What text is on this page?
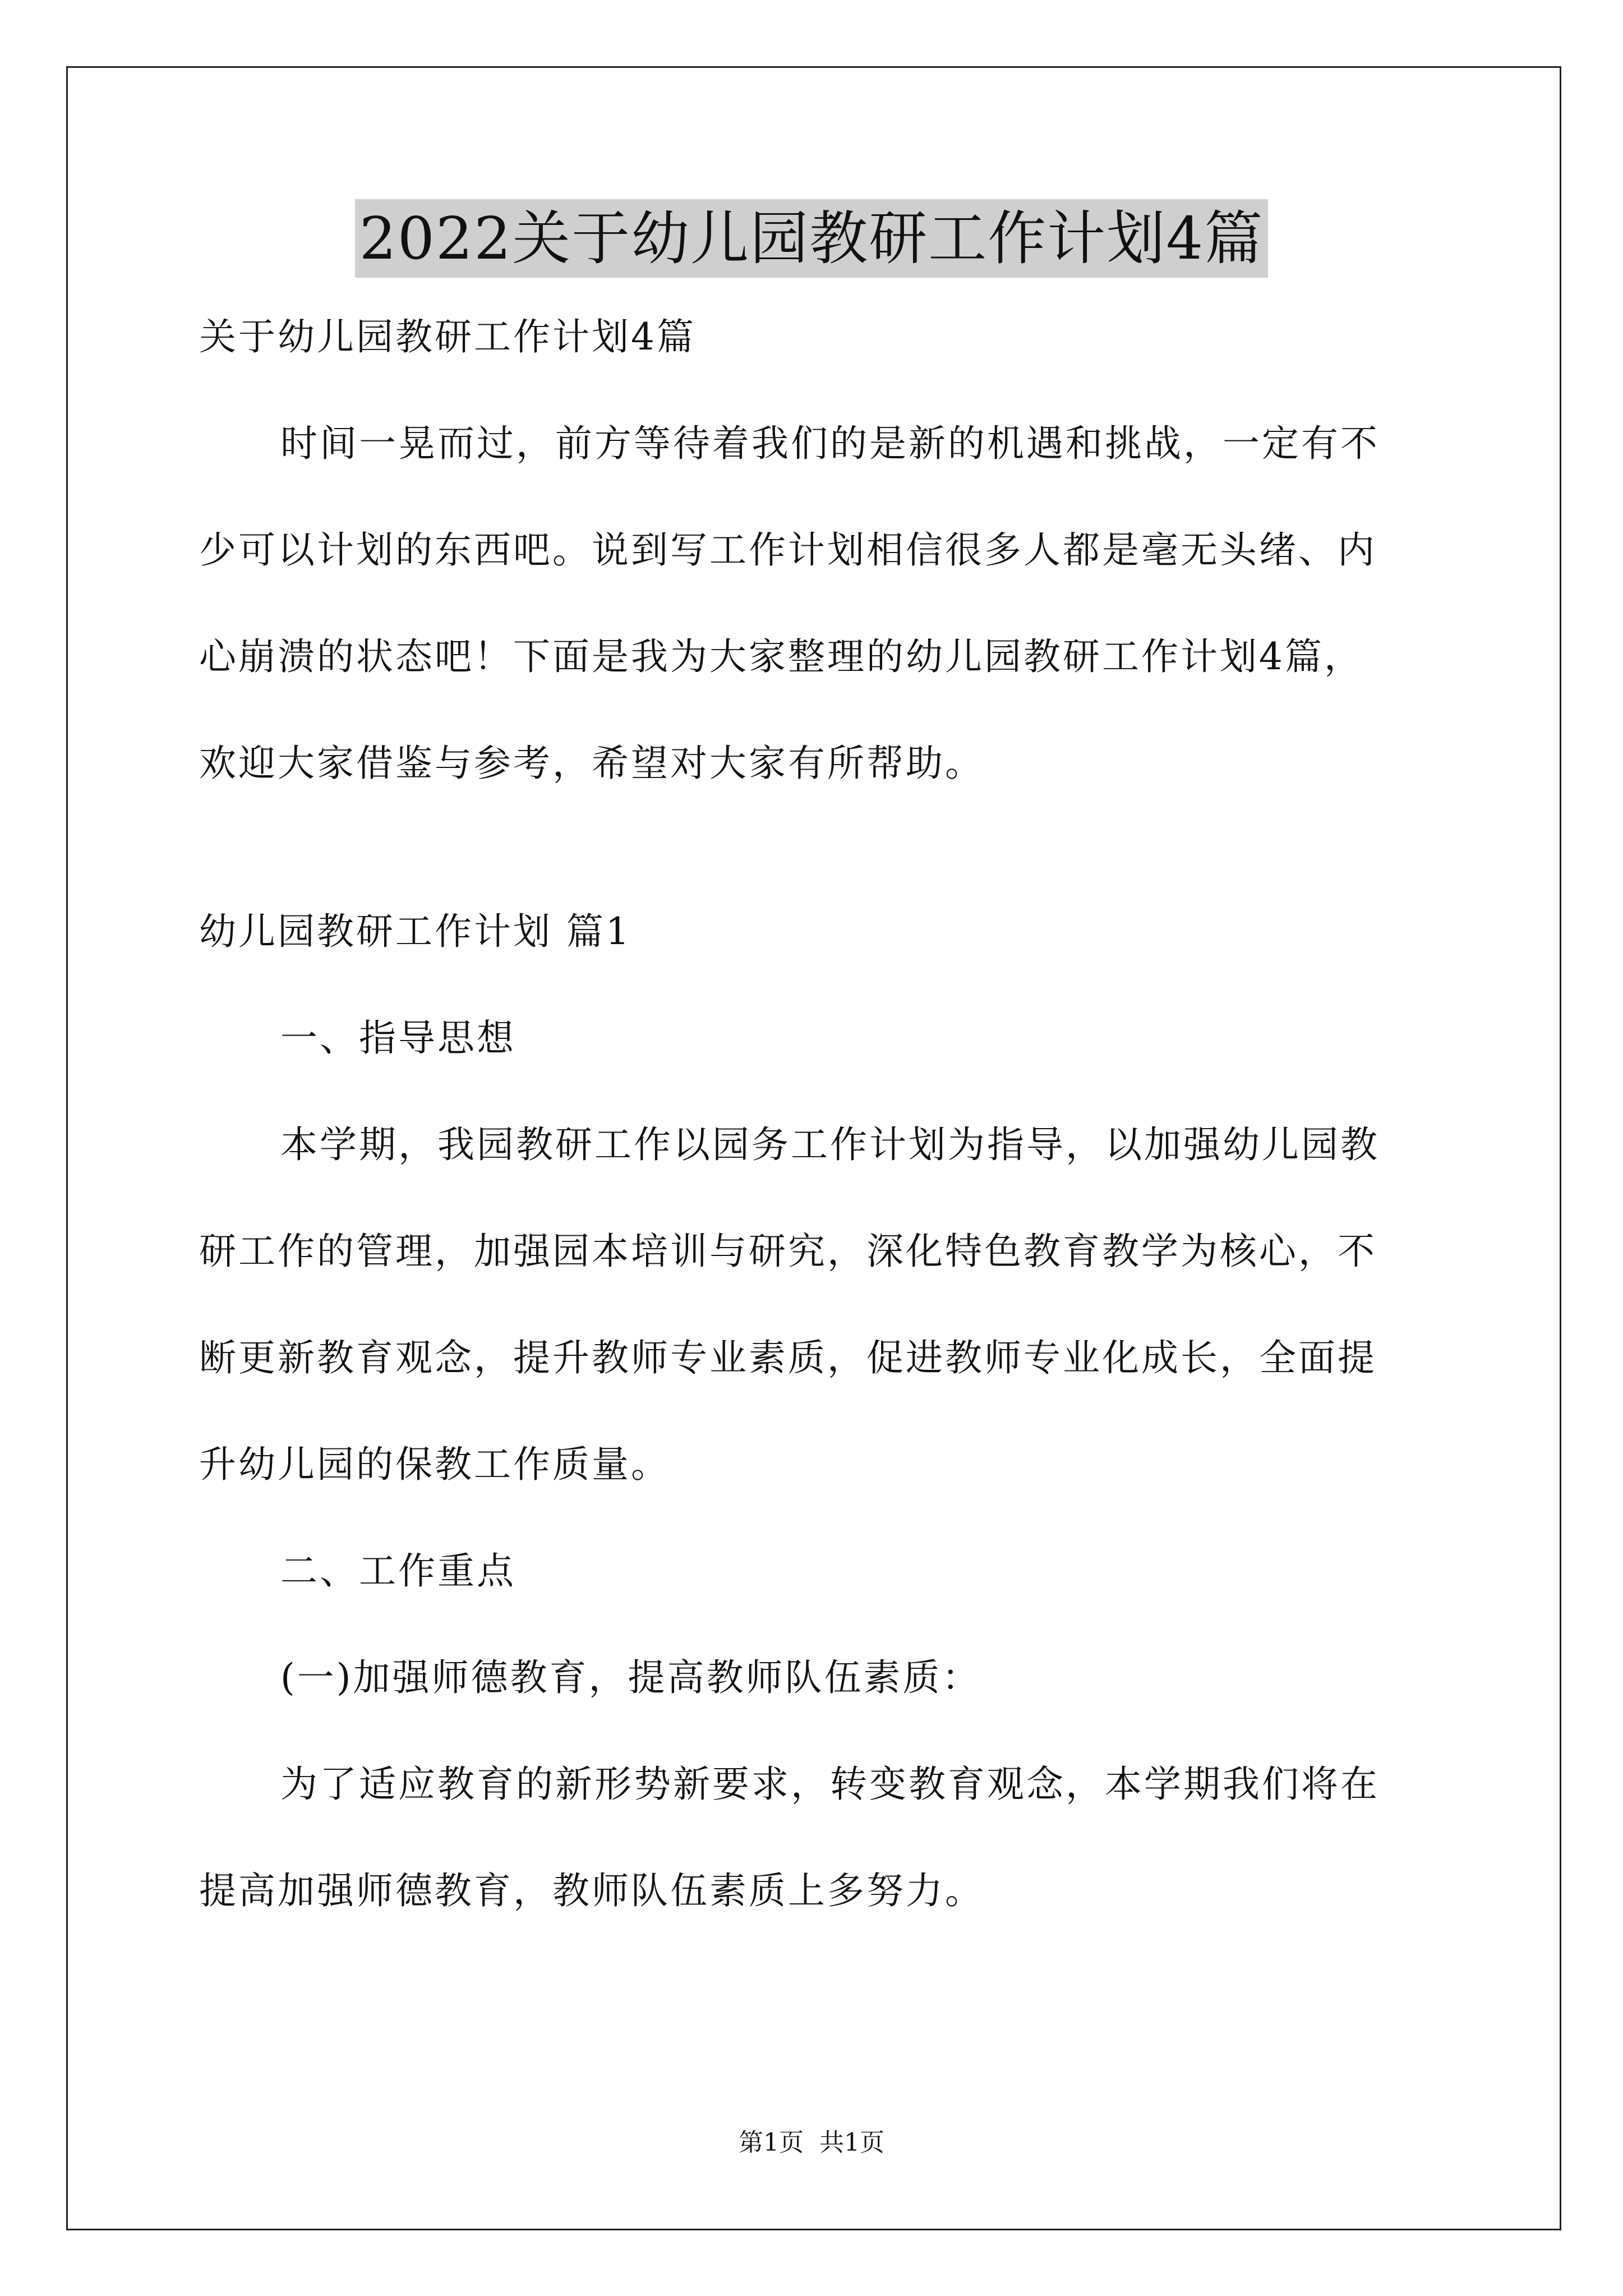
2022关于幼儿园教研工作计划4篇

关于幼儿园教研工作计划4篇

时间一晃而过，前方等待着我们的是新的机遇和挑战，一定有不

少可以计划的东西吧。说到写工作计划相信很多人都是毫无头绪、内

心崩溃的状态吧！下面是我为大家整理的幼儿园教研工作计划4篇，

欢迎大家借鉴与参考，希望对大家有所帮助。

幼儿园教研工作计划 篇1

一、指导思想

本学期，我园教研工作以园务工作计划为指导，以加强幼儿园教

研工作的管理，加强园本培训与研究，深化特色教育教学为核心，不

断更新教育观念，提升教师专业素质，促进教师专业化成长，全面提

升幼儿园的保教工作质量。

二、工作重点

(一)加强师德教育，提高教师队伍素质：

为了适应教育的新形势新要求，转变教育观念，本学期我们将在

提高加强师德教育，教师队伍素质上多努力。

第1页  共1页
